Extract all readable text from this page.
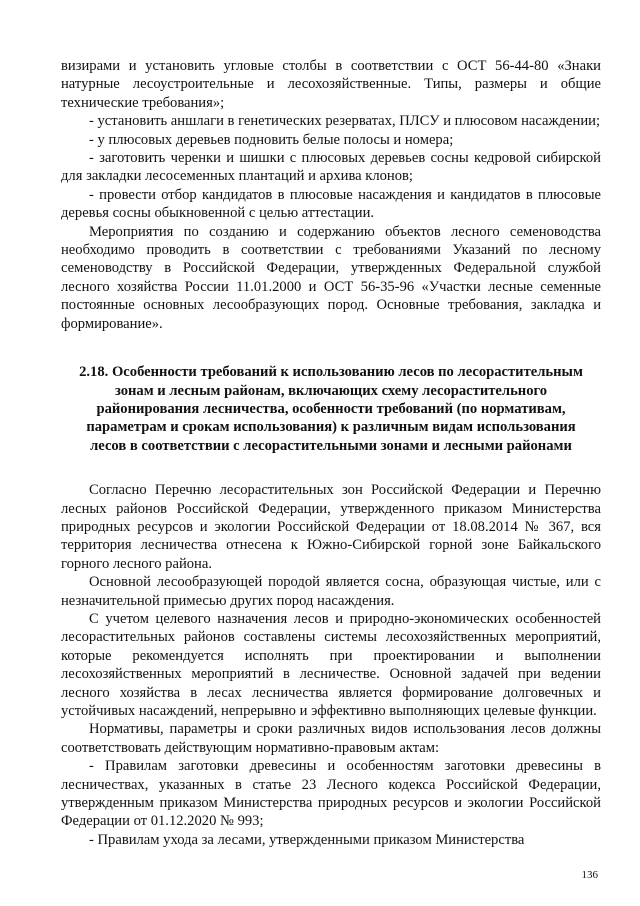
визирами и установить угловые столбы в соответствии с ОСТ 56-44-80 «Знаки натурные лесоустроительные и лесохозяйственные. Типы, размеры и общие технические требования»;

- установить аншлаги в генетических резерватах, ПЛСУ и плюсовом насаждении;

- у плюсовых деревьев подновить белые полосы и номера;

- заготовить черенки и шишки с плюсовых деревьев сосны кедровой сибирской для закладки лесосеменных плантаций и архива клонов;

- провести отбор кандидатов в плюсовые насаждения и кандидатов в плюсовые деревья сосны обыкновенной с целью аттестации.

Мероприятия по созданию и содержанию объектов лесного семеноводства необходимо проводить в соответствии с требованиями Указаний по лесному семеноводству в Российской Федерации, утвержденных Федеральной службой лесного хозяйства России 11.01.2000 и ОСТ 56-35-96 «Участки лесные семенные постоянные основных лесообразующих пород. Основные требования, закладка и формирование».

2.18. Особенности требований к использованию лесов по лесорастительным зонам и лесным районам, включающих схему лесорастительного районирования лесничества, особенности требований (по нормативам, параметрам и срокам использования) к различным видам использования лесов в соответствии с лесорастительными зонами и лесными районами

Согласно Перечню лесорастительных зон Российской Федерации и Перечню лесных районов Российской Федерации, утвержденного приказом Министерства природных ресурсов и экологии Российской Федерации от 18.08.2014 № 367, вся территория лесничества отнесена к Южно-Сибирской горной зоне Байкальского горного лесного района.

Основной лесообразующей породой является сосна, образующая чистые, или с незначительной примесью других пород насаждения.

С учетом целевого назначения лесов и природно-экономических особенностей лесорастительных районов составлены системы лесохозяйственных мероприятий, которые рекомендуется исполнять при проектировании и выполнении лесохозяйственных мероприятий в лесничестве. Основной задачей при ведении лесного хозяйства в лесах лесничества является формирование долговечных и устойчивых насаждений, непрерывно и эффективно выполняющих целевые функции.

Нормативы, параметры и сроки различных видов использования лесов должны соответствовать действующим нормативно-правовым актам:

- Правилам заготовки древесины и особенностям заготовки древесины в лесничествах, указанных в статье 23 Лесного кодекса Российской Федерации, утвержденным приказом Министерства природных ресурсов и экологии Российской Федерации от 01.12.2020 № 993;

- Правилам ухода за лесами, утвержденными приказом Министерства

136
